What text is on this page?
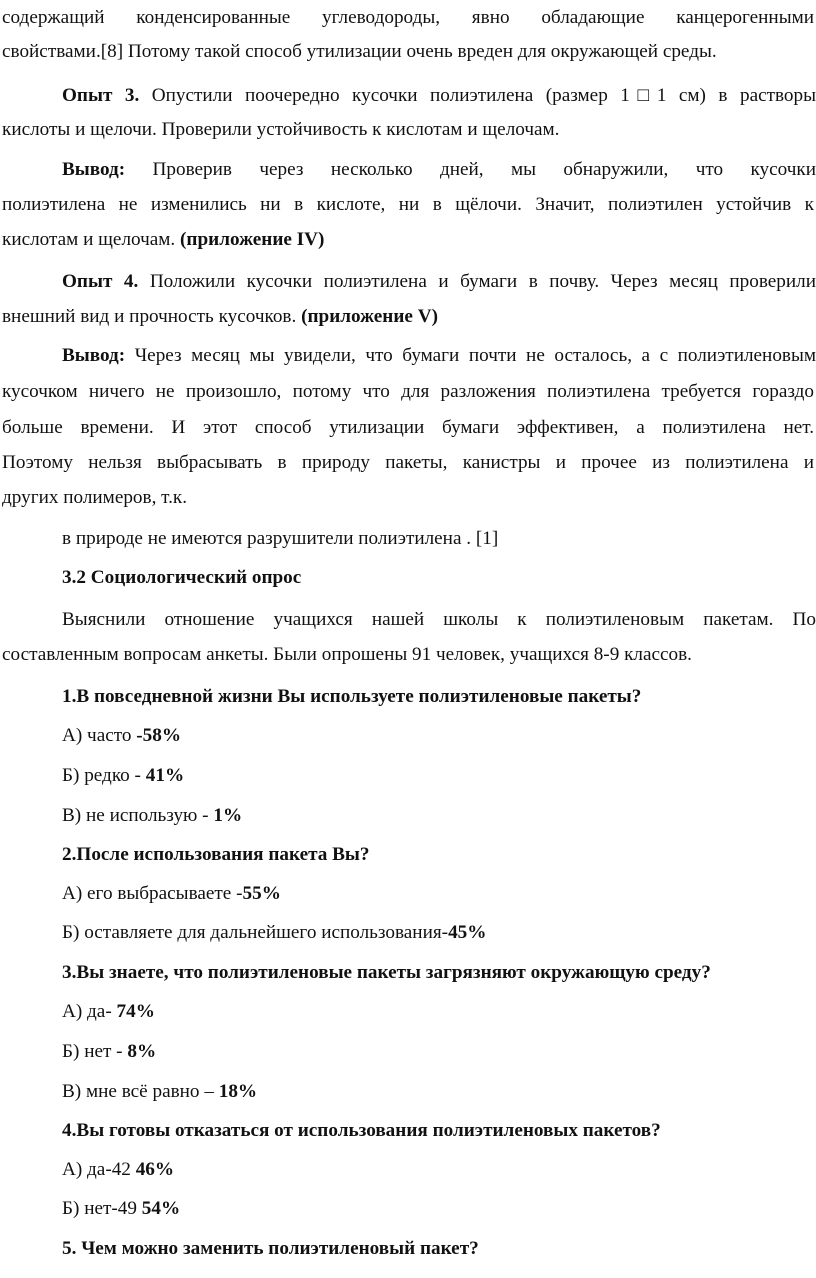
содержащий конденсированные углеводороды, явно обладающие канцерогенными
свойствами.[8] Потому такой способ утилизации очень вреден для окружающей среды.
Опыт 3. Опустили поочередно кусочки полиэтилена (размер 1□1 см) в растворы
кислоты и щелочи. Проверили устойчивость к кислотам и щелочам.
Вывод: Проверив через несколько дней, мы обнаружили, что кусочки
полиэтилена не изменились ни в кислоте, ни в щёлочи. Значит, полиэтилен устойчив к
кислотам и щелочам. (приложение IV)
Опыт 4. Положили кусочки полиэтилена и бумаги в почву. Через месяц проверили
внешний вид и прочность кусочков. (приложение V)
Вывод: Через месяц мы увидели, что бумаги почти не осталось, а с полиэтиленовым
кусочком ничего не произошло, потому что для разложения полиэтилена требуется гораздо
больше времени. И этот способ утилизации бумаги эффективен, а полиэтилена нет.
Поэтому нельзя выбрасывать в природу пакеты, канистры и прочее из полиэтилена и
других полимеров, т.к.
в природе не имеются разрушители полиэтилена . [1]
3.2 Социологический опрос
Выяснили отношение учащихся нашей школы к полиэтиленовым пакетам. По
составленным вопросам анкеты. Были опрошены 91 человек, учащихся 8-9 классов.
1.В повседневной жизни Вы используете полиэтиленовые пакеты?
А) часто -58%
Б) редко - 41%
В) не использую - 1%
2.После использования пакета Вы?
А) его выбрасываете -55%
Б) оставляете для дальнейшего использования-45%
3.Вы знаете, что полиэтиленовые пакеты загрязняют окружающую среду?
А) да- 74%
Б) нет - 8%
В) мне всё равно – 18%
4.Вы готовы отказаться от использования полиэтиленовых пакетов?
А) да-42 46%
Б) нет-49 54%
5. Чем можно заменить полиэтиленовый пакет?
